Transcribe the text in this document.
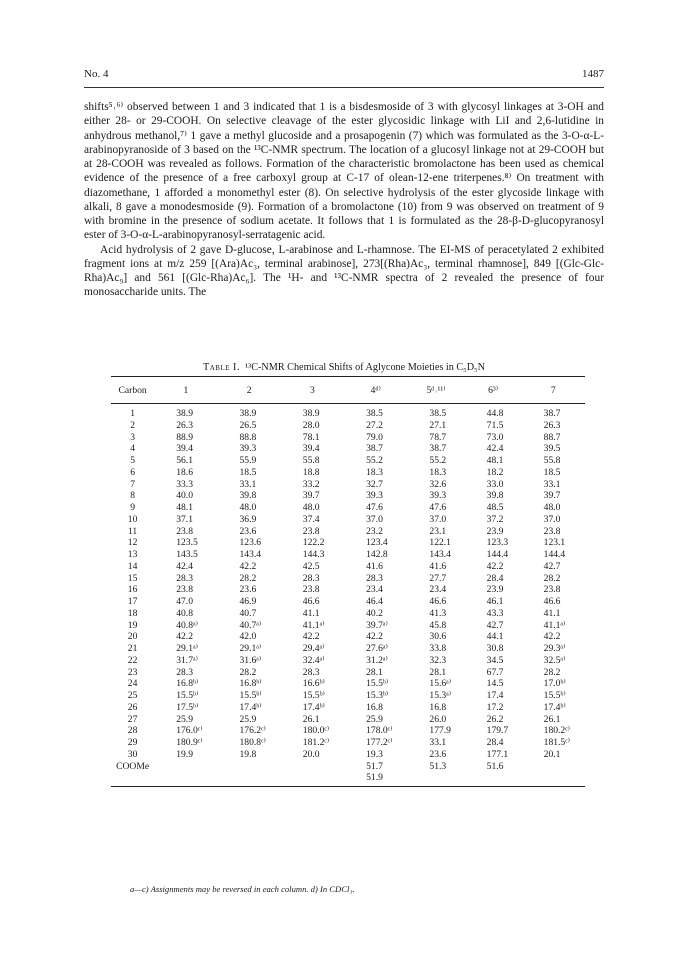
No. 4	1487

shifts⁵˒⁶⁾ observed between 1 and 3 indicated that 1 is a bisdesmoside of 3 with glycosyl linkages at 3-OH and either 28- or 29-COOH. On selective cleavage of the ester glycosidic linkage with LiI and 2,6-lutidine in anhydrous methanol,⁷⁾ 1 gave a methyl glucoside and a prosapogenin (7) which was formulated as the 3-O-α-L-arabinopyranoside of 3 based on the ¹³C-NMR spectrum. The location of a glucosyl linkage not at 29-COOH but at 28-COOH was revealed as follows. Formation of the characteristic bromolactone has been used as chemical evidence of the presence of a free carboxyl group at C-17 of olean-12-ene triterpenes.⁸⁾ On treatment with diazomethane, 1 afforded a monomethyl ester (8). On selective hydrolysis of the ester glycoside linkage with alkali, 8 gave a monodesmoside (9). Formation of a bromolactone (10) from 9 was observed on treatment of 9 with bromine in the presence of sodium acetate. It follows that 1 is formulated as the 28-β-D-glucopyranosyl ester of 3-O-α-L-arabinopyranosyl-serratagenic acid.

Acid hydrolysis of 2 gave D-glucose, L-arabinose and L-rhamnose. The EI-MS of peracetylated 2 exhibited fragment ions at m/z 259 [(Ara)Ac₃, terminal arabinose], 273[(Rha)Ac₃, terminal rhamnose], 849 [(Glc-Glc-Rha)Ac₉] and 561 [(Glc-Rha)Ac₆]. The ¹H- and ¹³C-NMR spectra of 2 revealed the presence of four monosaccharide units. The

Table I. ¹³C-NMR Chemical Shifts of Aglycone Moieties in C₅D₅N
Carbon	1	2	3	4ᵈ⁾	5ᵈ˒¹¹⁾	6³⁾	7
1	38.9	38.9	38.9	38.5	38.5	44.8	38.7
2	26.3	26.5	28.0	27.2	27.1	71.5	26.3
3	88.9	88.8	78.1	79.0	78.7	73.0	88.7
4	39.4	39.3	39.4	38.7	38.7	42.4	39.5
5	56.1	55.9	55.8	55.2	55.2	48.1	55.8
6	18.6	18.5	18.8	18.3	18.3	18.2	18.5
7	33.3	33.1	33.2	32.7	32.6	33.0	33.1
8	40.0	39.8	39.7	39.3	39.3	39.8	39.7
9	48.1	48.0	48.0	47.6	47.6	48.5	48.0
10	37.1	36.9	37.4	37.0	37.0	37.2	37.0
11	23.8	23.6	23.8	23.2	23.1	23.9	23.8
12	123.5	123.6	122.2	123.4	122.1	123.3	123.1
13	143.5	143.4	144.3	142.8	143.4	144.4	144.4
14	42.4	42.2	42.5	41.6	41.6	42.2	42.7
15	28.3	28.2	28.3	28.3	27.7	28.4	28.2
16	23.8	23.6	23.8	23.4	23.4	23.9	23.8
17	47.0	46.9	46.6	46.4	46.6	46.1	46.6
18	40.8	40.7	41.1	40.2	41.3	43.3	41.1
19	40.8ᵃ⁾	40.7ᵃ⁾	41.1ᵃ⁾	39.7ᵃ⁾	45.8	42.7	41.1ᵃ⁾
20	42.2	42.0	42.2	42.2	30.6	44.1	42.2
21	29.1ᵃ⁾	29.1ᵃ⁾	29.4ᵃ⁾	27.6ᵃ⁾	33.8	30.8	29.3ᵃ⁾
22	31.7ᵃ⁾	31.6ᵃ⁾	32.4ᵃ⁾	31.2ᵃ⁾	32.3	34.5	32.5ᵃ⁾
23	28.3	28.2	28.3	28.1	28.1	67.7	28.2
24	16.8ᵇ⁾	16.8ᵇ⁾	16.6ᵇ⁾	15.5ᵇ⁾	15.6ᵃ⁾	14.5	17.0ᵇ⁾
25	15.5ᵇ⁾	15.5ᵇ⁾	15.5ᵇ⁾	15.3ᵇ⁾	15.3ᵃ⁾	17.4	15.5ᵇ⁾
26	17.5ᵇ⁾	17.4ᵇ⁾	17.4ᵇ⁾	16.8	16.8	17.2	17.4ᵇ⁾
27	25.9	25.9	26.1	25.9	26.0	26.2	26.1
28	176.0ᶜ⁾	176.2ᶜ⁾	180.0ᶜ⁾	178.0ᶜ⁾	177.9	179.7	180.2ᶜ⁾
29	180.9ᶜ⁾	180.8ᶜ⁾	181.2ᶜ⁾	177.2ᶜ⁾	33.1	28.4	181.5ᶜ⁾
30	19.9	19.8	20.0	19.3	23.6	177.1	20.1
COOMe				51.7	51.3	51.6	
				51.9			
a—c) Assignments may be reversed in each column. d) In CDCl₃.
